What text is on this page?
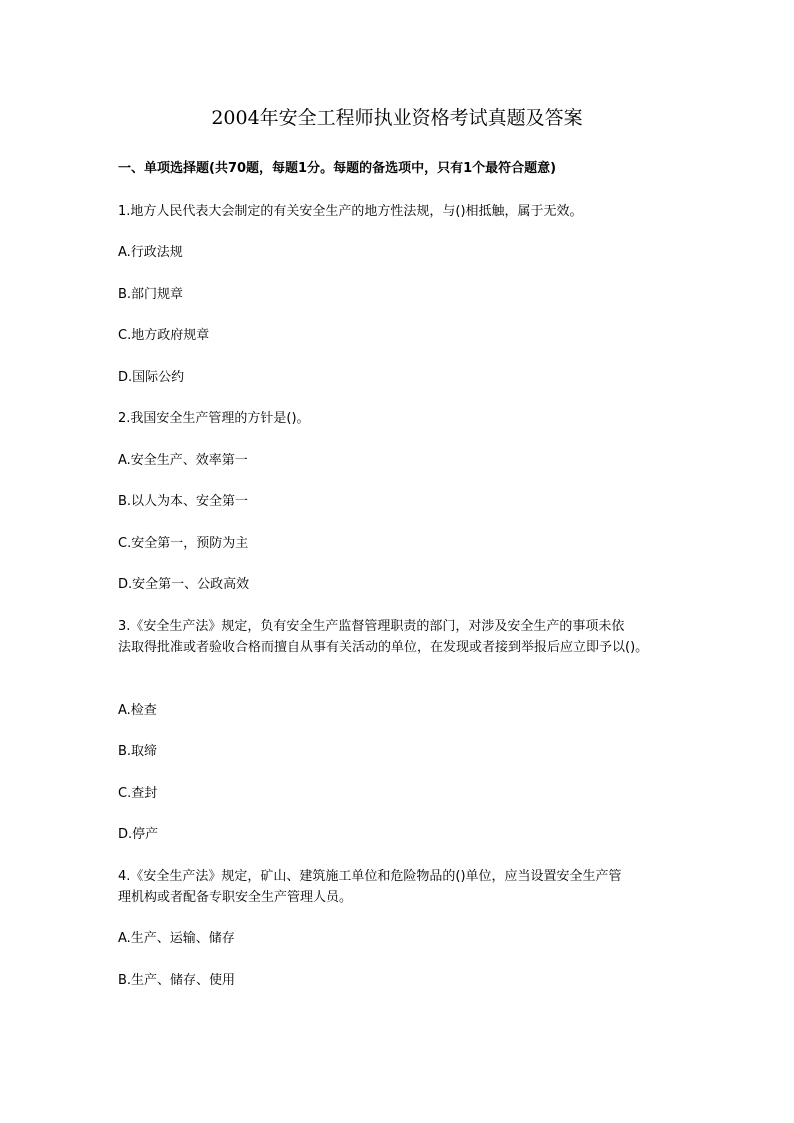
2004年安全工程师执业资格考试真题及答案
一、单项选择题(共70题，每题1分。每题的备选项中，只有1个最符合题意)
1.地方人民代表大会制定的有关安全生产的地方性法规，与()相抵触，属于无效。
A.行政法规
B.部门规章
C.地方政府规章
D.国际公约
2.我国安全生产管理的方针是()。
A.安全生产、效率第一
B.以人为本、安全第一
C.安全第一，预防为主
D.安全第一、公政高效
3.《安全生产法》规定，负有安全生产监督管理职责的部门，对涉及安全生产的事项未依
法取得批准或者验收合格而擅自从事有关活动的单位，在发现或者接到举报后应立即予以()。
A.检查
B.取缔
C.查封
D.停产
4.《安全生产法》规定，矿山、建筑施工单位和危险物品的()单位，应当设置安全生产管
理机构或者配备专职安全生产管理人员。
A.生产、运输、储存
B.生产、储存、使用
